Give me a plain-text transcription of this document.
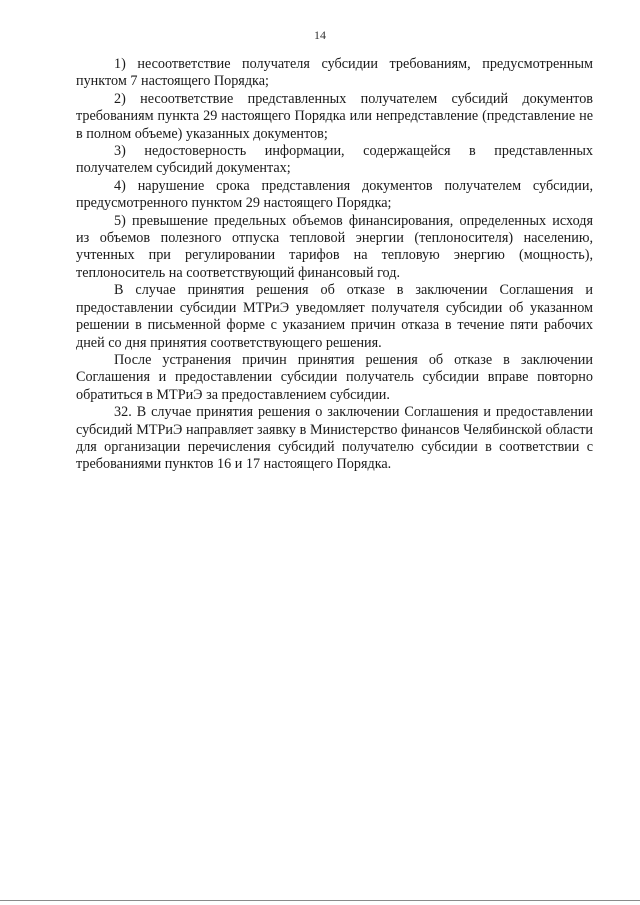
14

1) несоответствие получателя субсидии требованиям, предусмотренным пунктом 7 настоящего Порядка;

2) несоответствие представленных получателем субсидий документов требованиям пункта 29 настоящего Порядка или непредставление (представление не в полном объеме) указанных документов;

3) недостоверность информации, содержащейся в представленных получателем субсидий документах;

4) нарушение срока представления документов получателем субсидии, предусмотренного пунктом 29 настоящего Порядка;

5) превышение предельных объемов финансирования, определенных исходя из объемов полезного отпуска тепловой энергии (теплоносителя) населению, учтенных при регулировании тарифов на тепловую энергию (мощность), теплоноситель на соответствующий финансовый год.

В случае принятия решения об отказе в заключении Соглашения и предоставлении субсидии МТРиЭ уведомляет получателя субсидии об указанном решении в письменной форме с указанием причин отказа в течение пяти рабочих дней со дня принятия соответствующего решения.

После устранения причин принятия решения об отказе в заключении Соглашения и предоставлении субсидии получатель субсидии вправе повторно обратиться в МТРиЭ за предоставлением субсидии.

32. В случае принятия решения о заключении Соглашения и предоставлении субсидий МТРиЭ направляет заявку в Министерство финансов Челябинской области для организации перечисления субсидий получателю субсидии в соответствии с требованиями пунктов 16 и 17 настоящего Порядка.
